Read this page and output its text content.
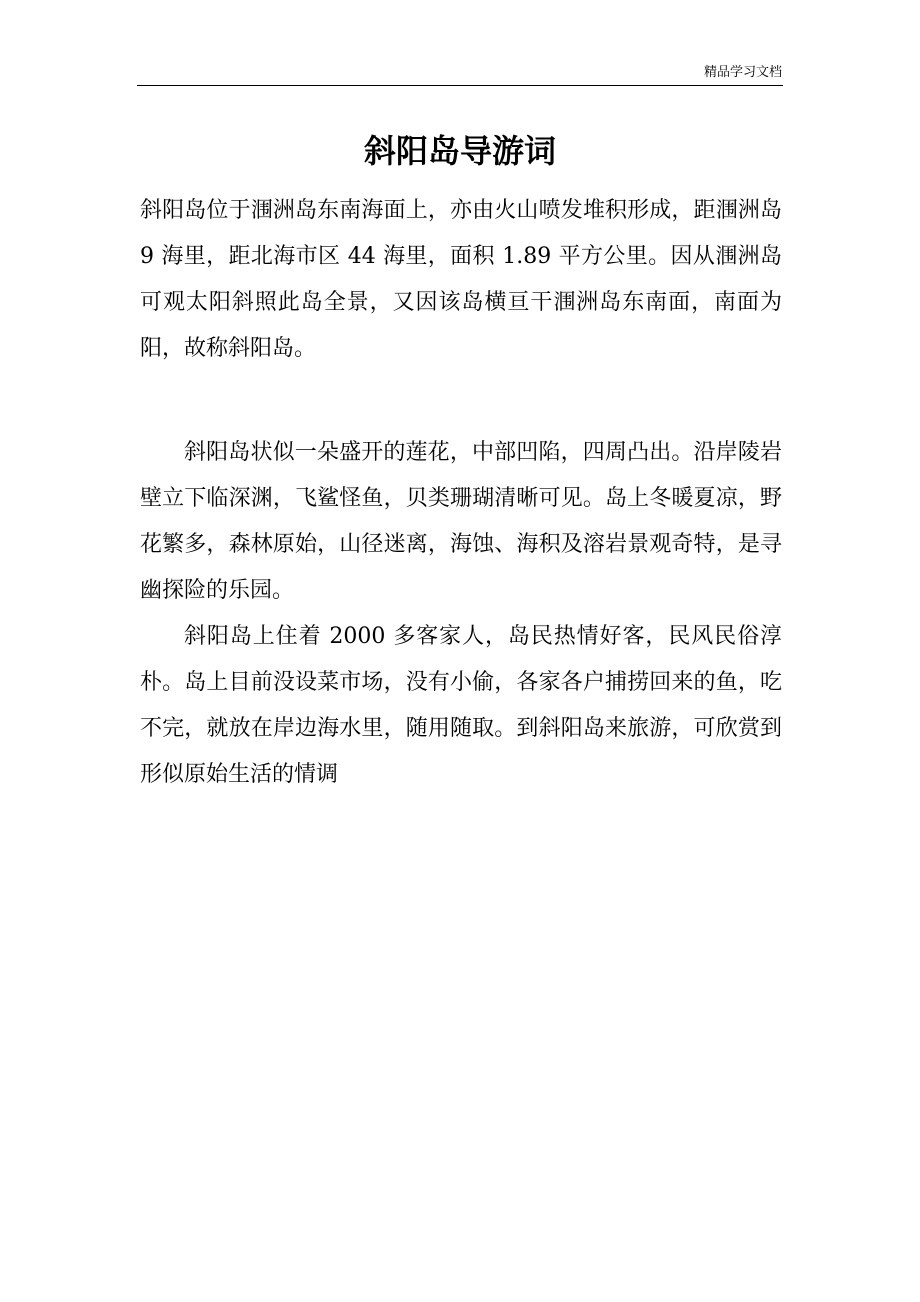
精品学习文档
斜阳岛导游词

斜阳岛位于涠洲岛东南海面上，亦由火山喷发堆积形成，距涠洲岛 9 海里，距北海市区 44 海里，面积 1.89 平方公里。因从涠洲岛可观太阳斜照此岛全景，又因该岛横亘干涠洲岛东南面，南面为阳，故称斜阳岛。

斜阳岛状似一朵盛开的莲花，中部凹陷，四周凸出。沿岸陵岩壁立下临深渊，飞鲨怪鱼，贝类珊瑚清晰可见。岛上冬暖夏凉，野花繁多，森林原始，山径迷离，海蚀、海积及溶岩景观奇特，是寻幽探险的乐园。

斜阳岛上住着 2000 多客家人，岛民热情好客，民风民俗淳朴。岛上目前没设菜市场，没有小偷，各家各户捕捞回来的鱼，吃不完，就放在岸边海水里，随用随取。到斜阳岛来旅游，可欣赏到形似原始生活的情调
